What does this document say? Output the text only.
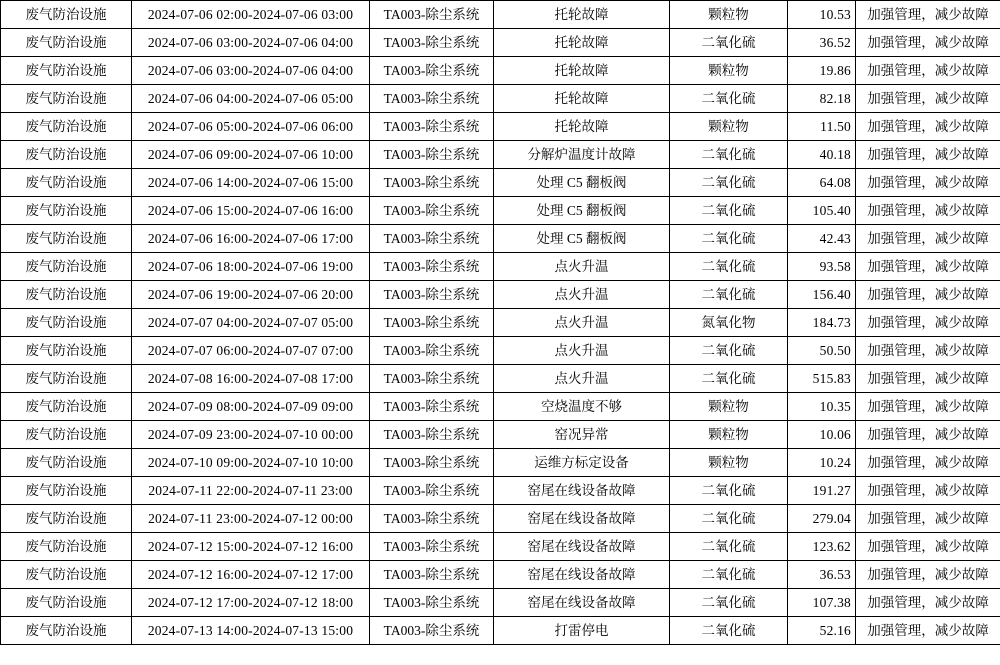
废气防治设施	2024-07-06 02:00-2024-07-06 03:00	TA003-除尘系统	托轮故障	颗粒物	10.53	加强管理，减少故障
废气防治设施	2024-07-06 03:00-2024-07-06 04:00	TA003-除尘系统	托轮故障	二氧化硫	36.52	加强管理，减少故障
废气防治设施	2024-07-06 03:00-2024-07-06 04:00	TA003-除尘系统	托轮故障	颗粒物	19.86	加强管理，减少故障
废气防治设施	2024-07-06 04:00-2024-07-06 05:00	TA003-除尘系统	托轮故障	二氧化硫	82.18	加强管理，减少故障
废气防治设施	2024-07-06 05:00-2024-07-06 06:00	TA003-除尘系统	托轮故障	颗粒物	11.50	加强管理，减少故障
废气防治设施	2024-07-06 09:00-2024-07-06 10:00	TA003-除尘系统	分解炉温度计故障	二氧化硫	40.18	加强管理，减少故障
废气防治设施	2024-07-06 14:00-2024-07-06 15:00	TA003-除尘系统	处理 C5 翻板阀	二氧化硫	64.08	加强管理，减少故障
废气防治设施	2024-07-06 15:00-2024-07-06 16:00	TA003-除尘系统	处理 C5 翻板阀	二氧化硫	105.40	加强管理，减少故障
废气防治设施	2024-07-06 16:00-2024-07-06 17:00	TA003-除尘系统	处理 C5 翻板阀	二氧化硫	42.43	加强管理，减少故障
废气防治设施	2024-07-06 18:00-2024-07-06 19:00	TA003-除尘系统	点火升温	二氧化硫	93.58	加强管理，减少故障
废气防治设施	2024-07-06 19:00-2024-07-06 20:00	TA003-除尘系统	点火升温	二氧化硫	156.40	加强管理，减少故障
废气防治设施	2024-07-07 04:00-2024-07-07 05:00	TA003-除尘系统	点火升温	氮氧化物	184.73	加强管理，减少故障
废气防治设施	2024-07-07 06:00-2024-07-07 07:00	TA003-除尘系统	点火升温	二氧化硫	50.50	加强管理，减少故障
废气防治设施	2024-07-08 16:00-2024-07-08 17:00	TA003-除尘系统	点火升温	二氧化硫	515.83	加强管理，减少故障
废气防治设施	2024-07-09 08:00-2024-07-09 09:00	TA003-除尘系统	空烧温度不够	颗粒物	10.35	加强管理，减少故障
废气防治设施	2024-07-09 23:00-2024-07-10 00:00	TA003-除尘系统	窑况异常	颗粒物	10.06	加强管理，减少故障
废气防治设施	2024-07-10 09:00-2024-07-10 10:00	TA003-除尘系统	运维方标定设备	颗粒物	10.24	加强管理，减少故障
废气防治设施	2024-07-11 22:00-2024-07-11 23:00	TA003-除尘系统	窑尾在线设备故障	二氧化硫	191.27	加强管理，减少故障
废气防治设施	2024-07-11 23:00-2024-07-12 00:00	TA003-除尘系统	窑尾在线设备故障	二氧化硫	279.04	加强管理，减少故障
废气防治设施	2024-07-12 15:00-2024-07-12 16:00	TA003-除尘系统	窑尾在线设备故障	二氧化硫	123.62	加强管理，减少故障
废气防治设施	2024-07-12 16:00-2024-07-12 17:00	TA003-除尘系统	窑尾在线设备故障	二氧化硫	36.53	加强管理，减少故障
废气防治设施	2024-07-12 17:00-2024-07-12 18:00	TA003-除尘系统	窑尾在线设备故障	二氧化硫	107.38	加强管理，减少故障
废气防治设施	2024-07-13 14:00-2024-07-13 15:00	TA003-除尘系统	打雷停电	二氧化硫	52.16	加强管理，减少故障
